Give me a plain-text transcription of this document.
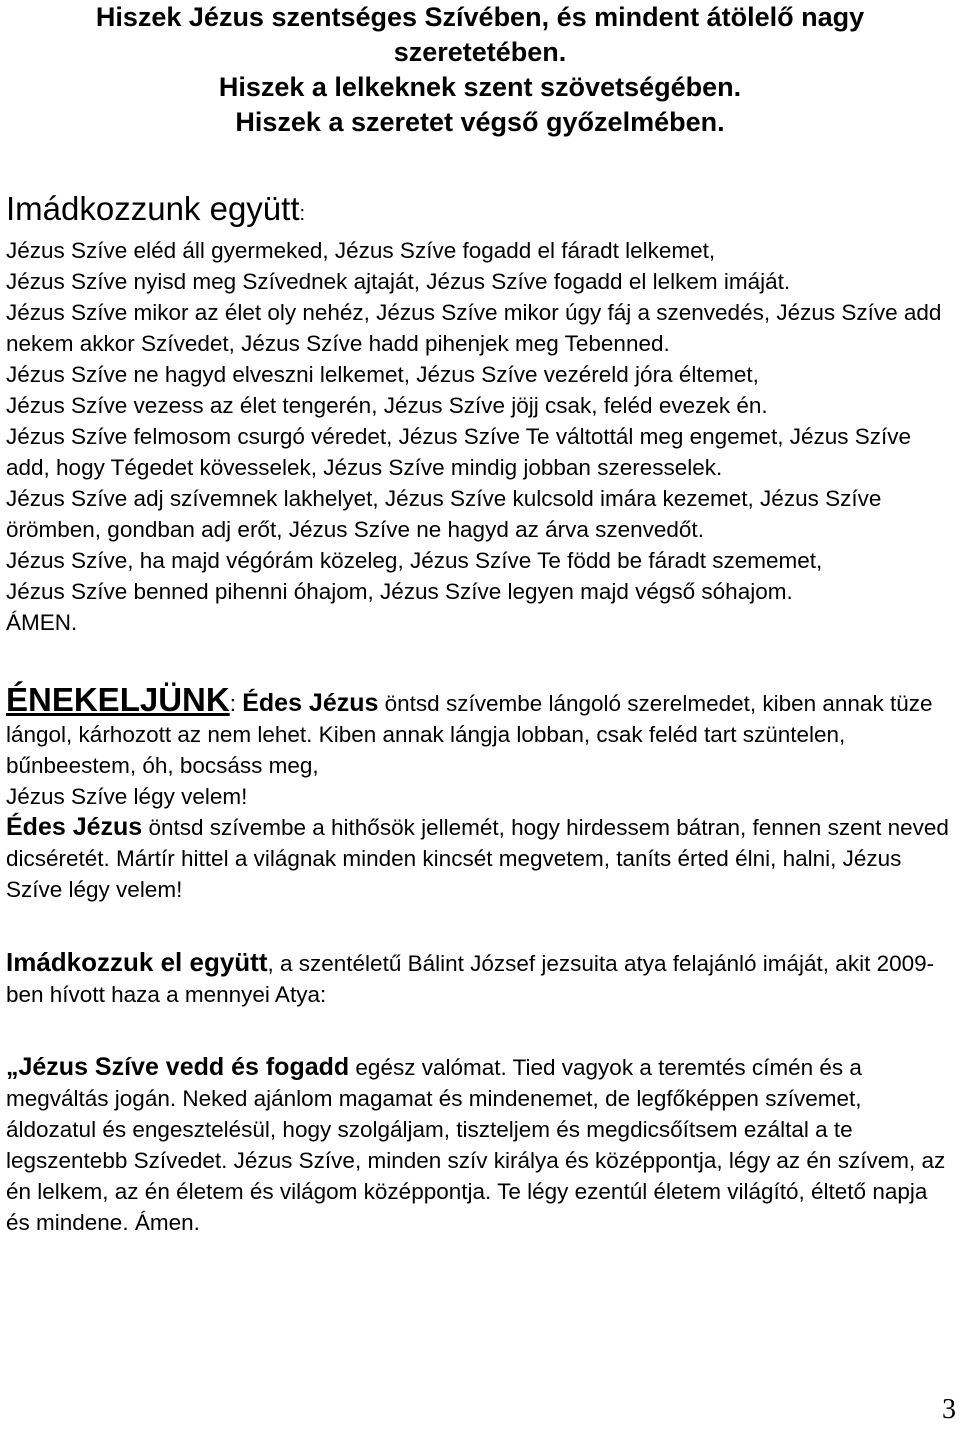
Hiszek Jézus szentséges Szívében, és mindent átölelő nagy szeretetében.

Hiszek a lelkeknek szent szövetségében.

Hiszek a szeretet végső győzelmében.

Imádkozzunk együtt:

Jézus Szíve eléd áll gyermeked, Jézus Szíve fogadd el fáradt lelkemet,

Jézus Szíve nyisd meg Szívednek ajtaját, Jézus Szíve fogadd el lelkem imáját.

Jézus Szíve mikor az élet oly nehéz, Jézus Szíve mikor úgy fáj a szenvedés, Jézus Szíve add nekem akkor Szívedet, Jézus Szíve hadd pihenjek meg Tebenned.

Jézus Szíve ne hagyd elveszni lelkemet, Jézus Szíve vezéreld jóra éltemet,

Jézus Szíve vezess az élet tengerén, Jézus Szíve jöjj csak, feléd evezek én.

Jézus Szíve felmosom csurgó véredet, Jézus Szíve Te váltottál meg engemet, Jézus Szíve add, hogy Tégedet kövesselek, Jézus Szíve mindig jobban szeresselek.

Jézus Szíve adj szívemnek lakhelyet, Jézus Szíve kulcsold imára kezemet, Jézus Szíve örömben, gondban adj erőt, Jézus Szíve ne hagyd az árva szenvedőt.

Jézus Szíve, ha majd végórám közeleg, Jézus Szíve Te född be fáradt szememet,

Jézus Szíve benned pihenni óhajom, Jézus Szíve legyen majd végső sóhajom.

ÁMEN.

ÉNEKELJÜNK: Édes Jézus öntsd szívembe lángoló szerelmedet, kiben annak tüze lángol, kárhozott az nem lehet. Kiben annak lángja lobban, csak feléd tart szüntelen, bűnbeestem, óh, bocsáss meg,

Jézus Szíve légy velem!

Édes Jézus öntsd szívembe a hithősök jellemét, hogy hirdessem bátran, fennen szent neved dicséretét. Mártír hittel a világnak minden kincsét megvetem, taníts érted élni, halni, Jézus Szíve légy velem!

Imádkozzuk el együtt, a szentéletű Bálint József jezsuita atya felajánló imáját, akit 2009-ben hívott haza a mennyei Atya:

„Jézus Szíve vedd és fogadd egész valómat. Tied vagyok a teremtés címén és a megváltás jogán. Neked ajánlom magamat és mindenemet, de legfőképpen szívemet, áldozatul és engesztelésül, hogy szolgáljam, tiszteljem és megdicsőítsem ezáltal a te legszentebb Szívedet. Jézus Szíve, minden szív királya és középpontja, légy az én szívem, az én lelkem, az én életem és világom középpontja. Te légy ezentúl életem világító, éltető napja és mindene. Ámen.

3
